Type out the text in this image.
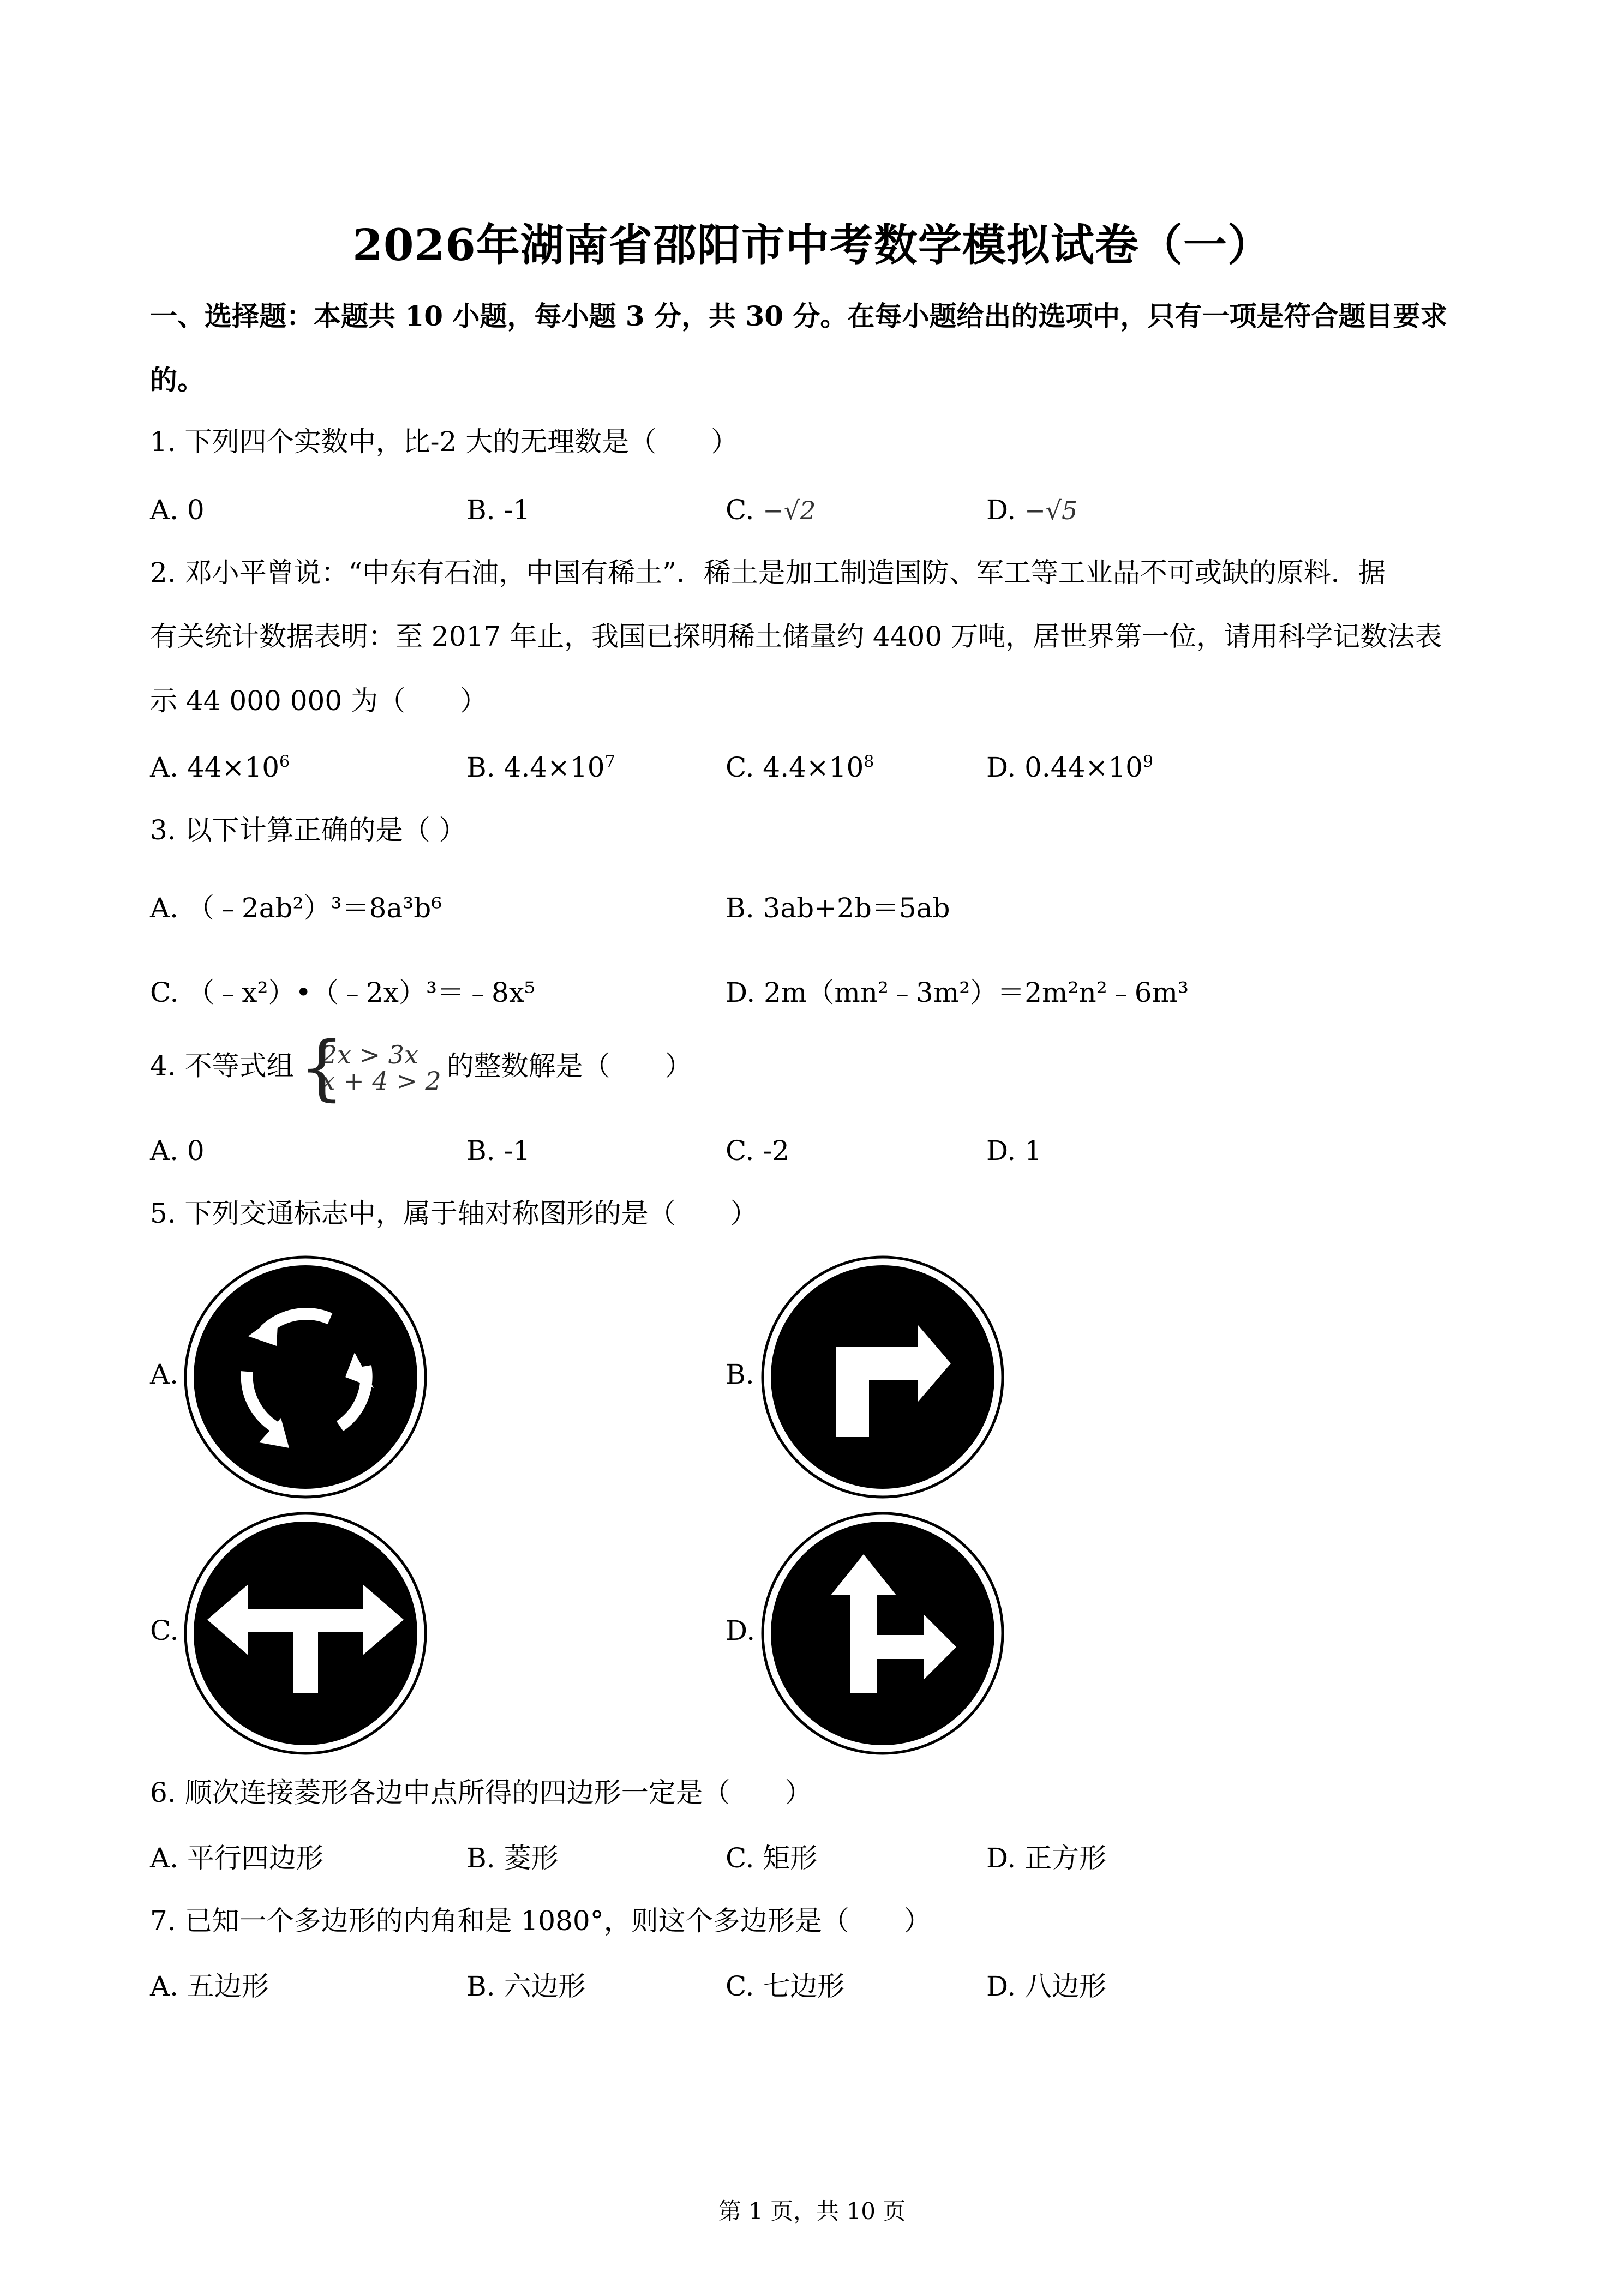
2026年湖南省邵阳市中考数学模拟试卷（一）
一、选择题：本题共 10 小题，每小题 3 分，共 30 分。在每小题给出的选项中，只有一项是符合题目要求
的。
1. 下列四个实数中，比-2 大的无理数是（　　）
A. 0	B. -1	C. −√2	D. −√5
2. 邓小平曾说：“中东有石油，中国有稀土”．稀土是加工制造国防、军工等工业品不可或缺的原料．据
有关统计数据表明：至 2017 年止，我国已探明稀土储量约 4400 万吨，居世界第一位，请用科学记数法表
示 44 000 000 为（　　）
A. $44\times 10^6$	B. $4.4\times 10^7$	C. $4.4\times 10^8$	D. $0.44\times 10^9$
3. 以下计算正确的是（ ）
A. （﹣2ab²）³＝8a³b⁶	B. 3ab+2b＝5ab
C. （﹣x²）•（﹣2x）³＝﹣8x⁵	D. 2m（mn²﹣3m²）＝2m²n²﹣6m³
4. 不等式组 {
2x > 3x
x + 4 > 2 的整数解是（　　）
A. 0	B. -1	C. -2	D. 1
5. 下列交通标志中，属于轴对称图形的是（　　）
A.	B.
C.	D.
6. 顺次连接菱形各边中点所得的四边形一定是（　　）
A. 平行四边形	B. 菱形	C. 矩形	D. 正方形
7. 已知一个多边形的内角和是 1080°，则这个多边形是（　　）
A. 五边形	B. 六边形	C. 七边形	D. 八边形
第 1 页，共 10 页
